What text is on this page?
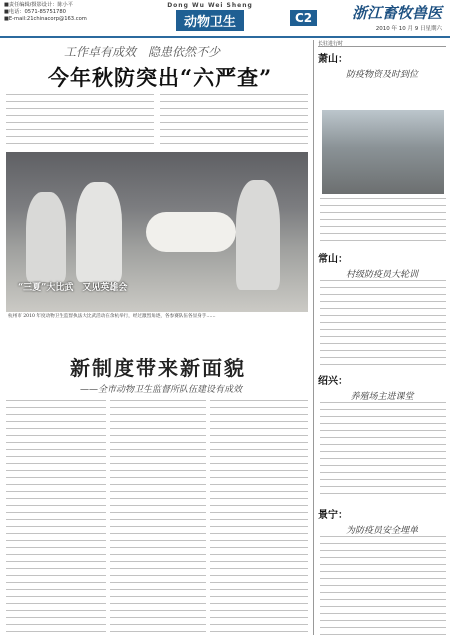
■责任编辑/摄影设计：陈小平
■电话：0571-85751780
■E-mail:21chinacorp@163.com
Dong Wu Wei Sheng
动物卫生	C2	浙江畜牧兽医
2010 年 10 月 9 日星期六
工作卓有成效　隐患依然不少
今年秋防突出“六严查”
“三夏”大比武　又见英雄会
杭州市 2010 年度动物卫生监督执法大比武活动在余杭举行，经过激烈角逐，各参赛队伍各显身手……
新制度带来新面貌
——全市动物卫生监督所队伍建设有成效
长驻进行时
萧山：
防疫物资及时到位
常山：
村级防疫员大轮训
绍兴：
养殖场主进课堂
景宁：
为防疫员安全埋单
